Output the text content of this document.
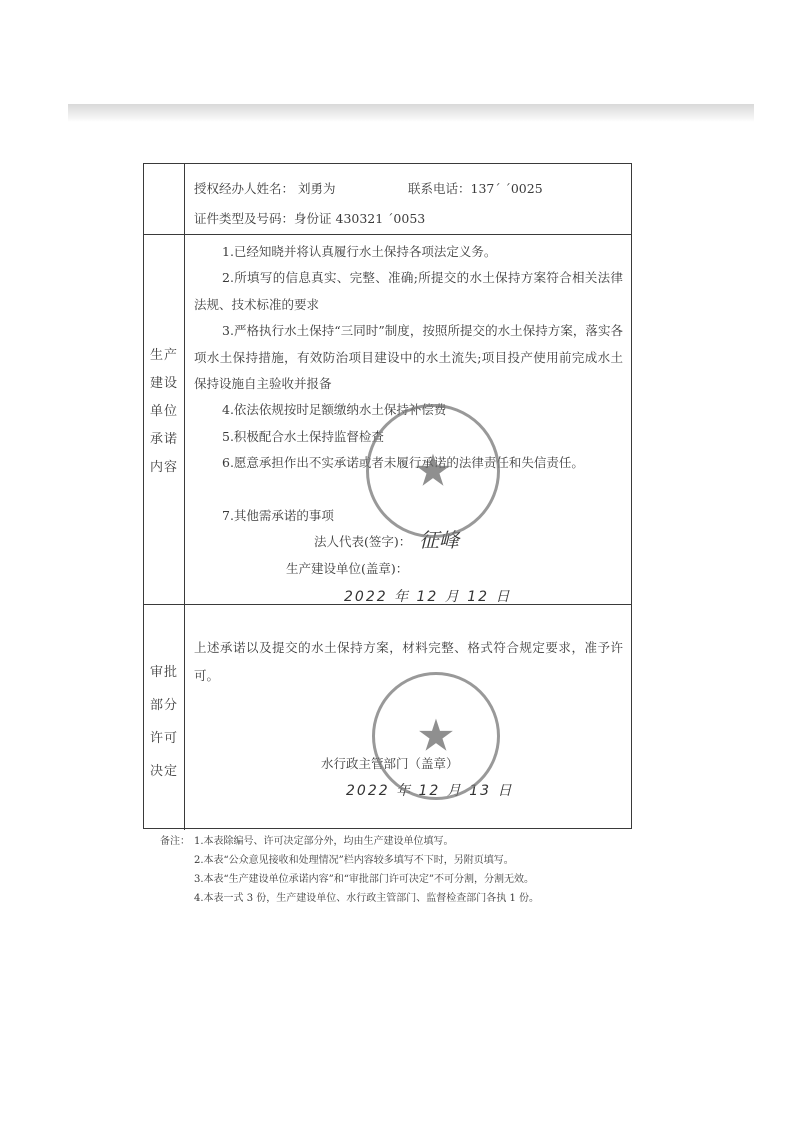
授权经办人姓名： 刘勇为	联系电话：137ˊ ˊ0025
证件类型及号码：身份证 430321 ˊ0053
生产
建设
单位
承诺
内容
1.已经知晓并将认真履行水土保持各项法定义务。
2.所填写的信息真实、完整、准确;所提交的水土保持方案符合相关法律法规、技术标准的要求
3.严格执行水土保持“三同时”制度，按照所提交的水土保持方案，落实各项水土保持措施，有效防治项目建设中的水土流失;项目投产使用前完成水土保持设施自主验收并报备
4.依法依规按时足额缴纳水土保持补偿费
5.积极配合水土保持监督检查
6.愿意承担作出不实承诺或者未履行承诺的法律责任和失信责任。
7.其他需承诺的事项
法人代表(签字)： 征峰
生产建设单位(盖章)：
2022 年 12 月 12 日
★
审批
部分
许可
决定
上述承诺以及提交的水土保持方案，材料完整、格式符合规定要求，准予许可。
水行政主管部门（盖章）
2022 年 12 月 13 日
★
备注： 1.本表除编号、许可决定部分外，均由生产建设单位填写。
2.本表“公众意见接收和处理情况”栏内容较多填写不下时，另附页填写。
3.本表“生产建设单位承诺内容”和“审批部门许可决定”不可分割，分割无效。
4.本表一式 3 份，生产建设单位、水行政主管部门、监督检查部门各执 1 份。
